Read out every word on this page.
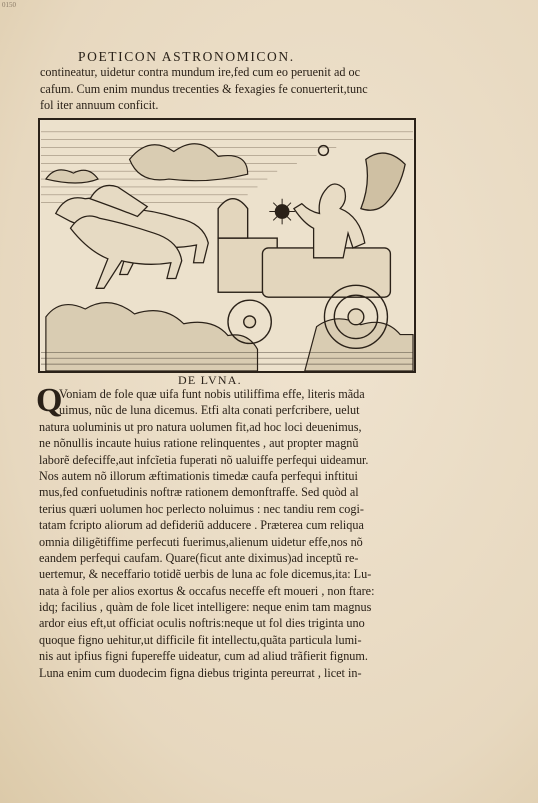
0150
POETICON ASTRONOMICON.
contineatur, uidetur contra mundum ire,fed cum eo peruenit ad oc
cafum. Cum enim mundus trecenties & fexagies fe conuerterit,tunc
fol iter annuum conficit.
DE LVNA.
Q
Voniam de fole quæ uifa funt nobis utiliffima effe, literis mãda
uimus, nũc de luna dicemus. Etfi alta conati perfcribere, uelut
natura uoluminis ut pro natura uolumen fit,ad hoc loci deuenimus,
ne nõnullis incaute huius ratione relinquentes , aut propter magnũ
laborẽ defeciffe,aut infcĩetia fuperati nõ ualuiffe perfequi uideamur.
Nos autem nõ illorum æftimationis timedæ caufa perfequi inftitui
mus,fed confuetudinis noftræ rationem demonftraffe. Sed quòd al
terius quæri uolumen hoc perlecto noluimus : nec tandiu rem cogi-
tatam fcripto aliorum ad defideriũ adducere . Præterea cum reliqua
omnia diligẽtiffime perfecuti fuerimus,alienum uidetur effe,nos nõ
eandem perfequi caufam. Quare(ficut ante diximus)ad inceptũ re-
uertemur, & neceffario totidẽ uerbis de luna ac fole dicemus,ita: Lu-
nata à fole per alios exortus & occafus neceffe eft moueri , non ftare:
idq; facilius , quàm de fole licet intelligere: neque enim tam magnus
ardor eius eft,ut officiat oculis noftris:neque ut fol dies triginta uno
quoque figno uehitur,ut difficile fit intellectu,quãta particula lumi-
nis aut ipfius figni fupereffe uideatur, cum ad aliud trãfierit fignum.
Luna enim cum duodecim figna diebus triginta pereurrat , licet in-
